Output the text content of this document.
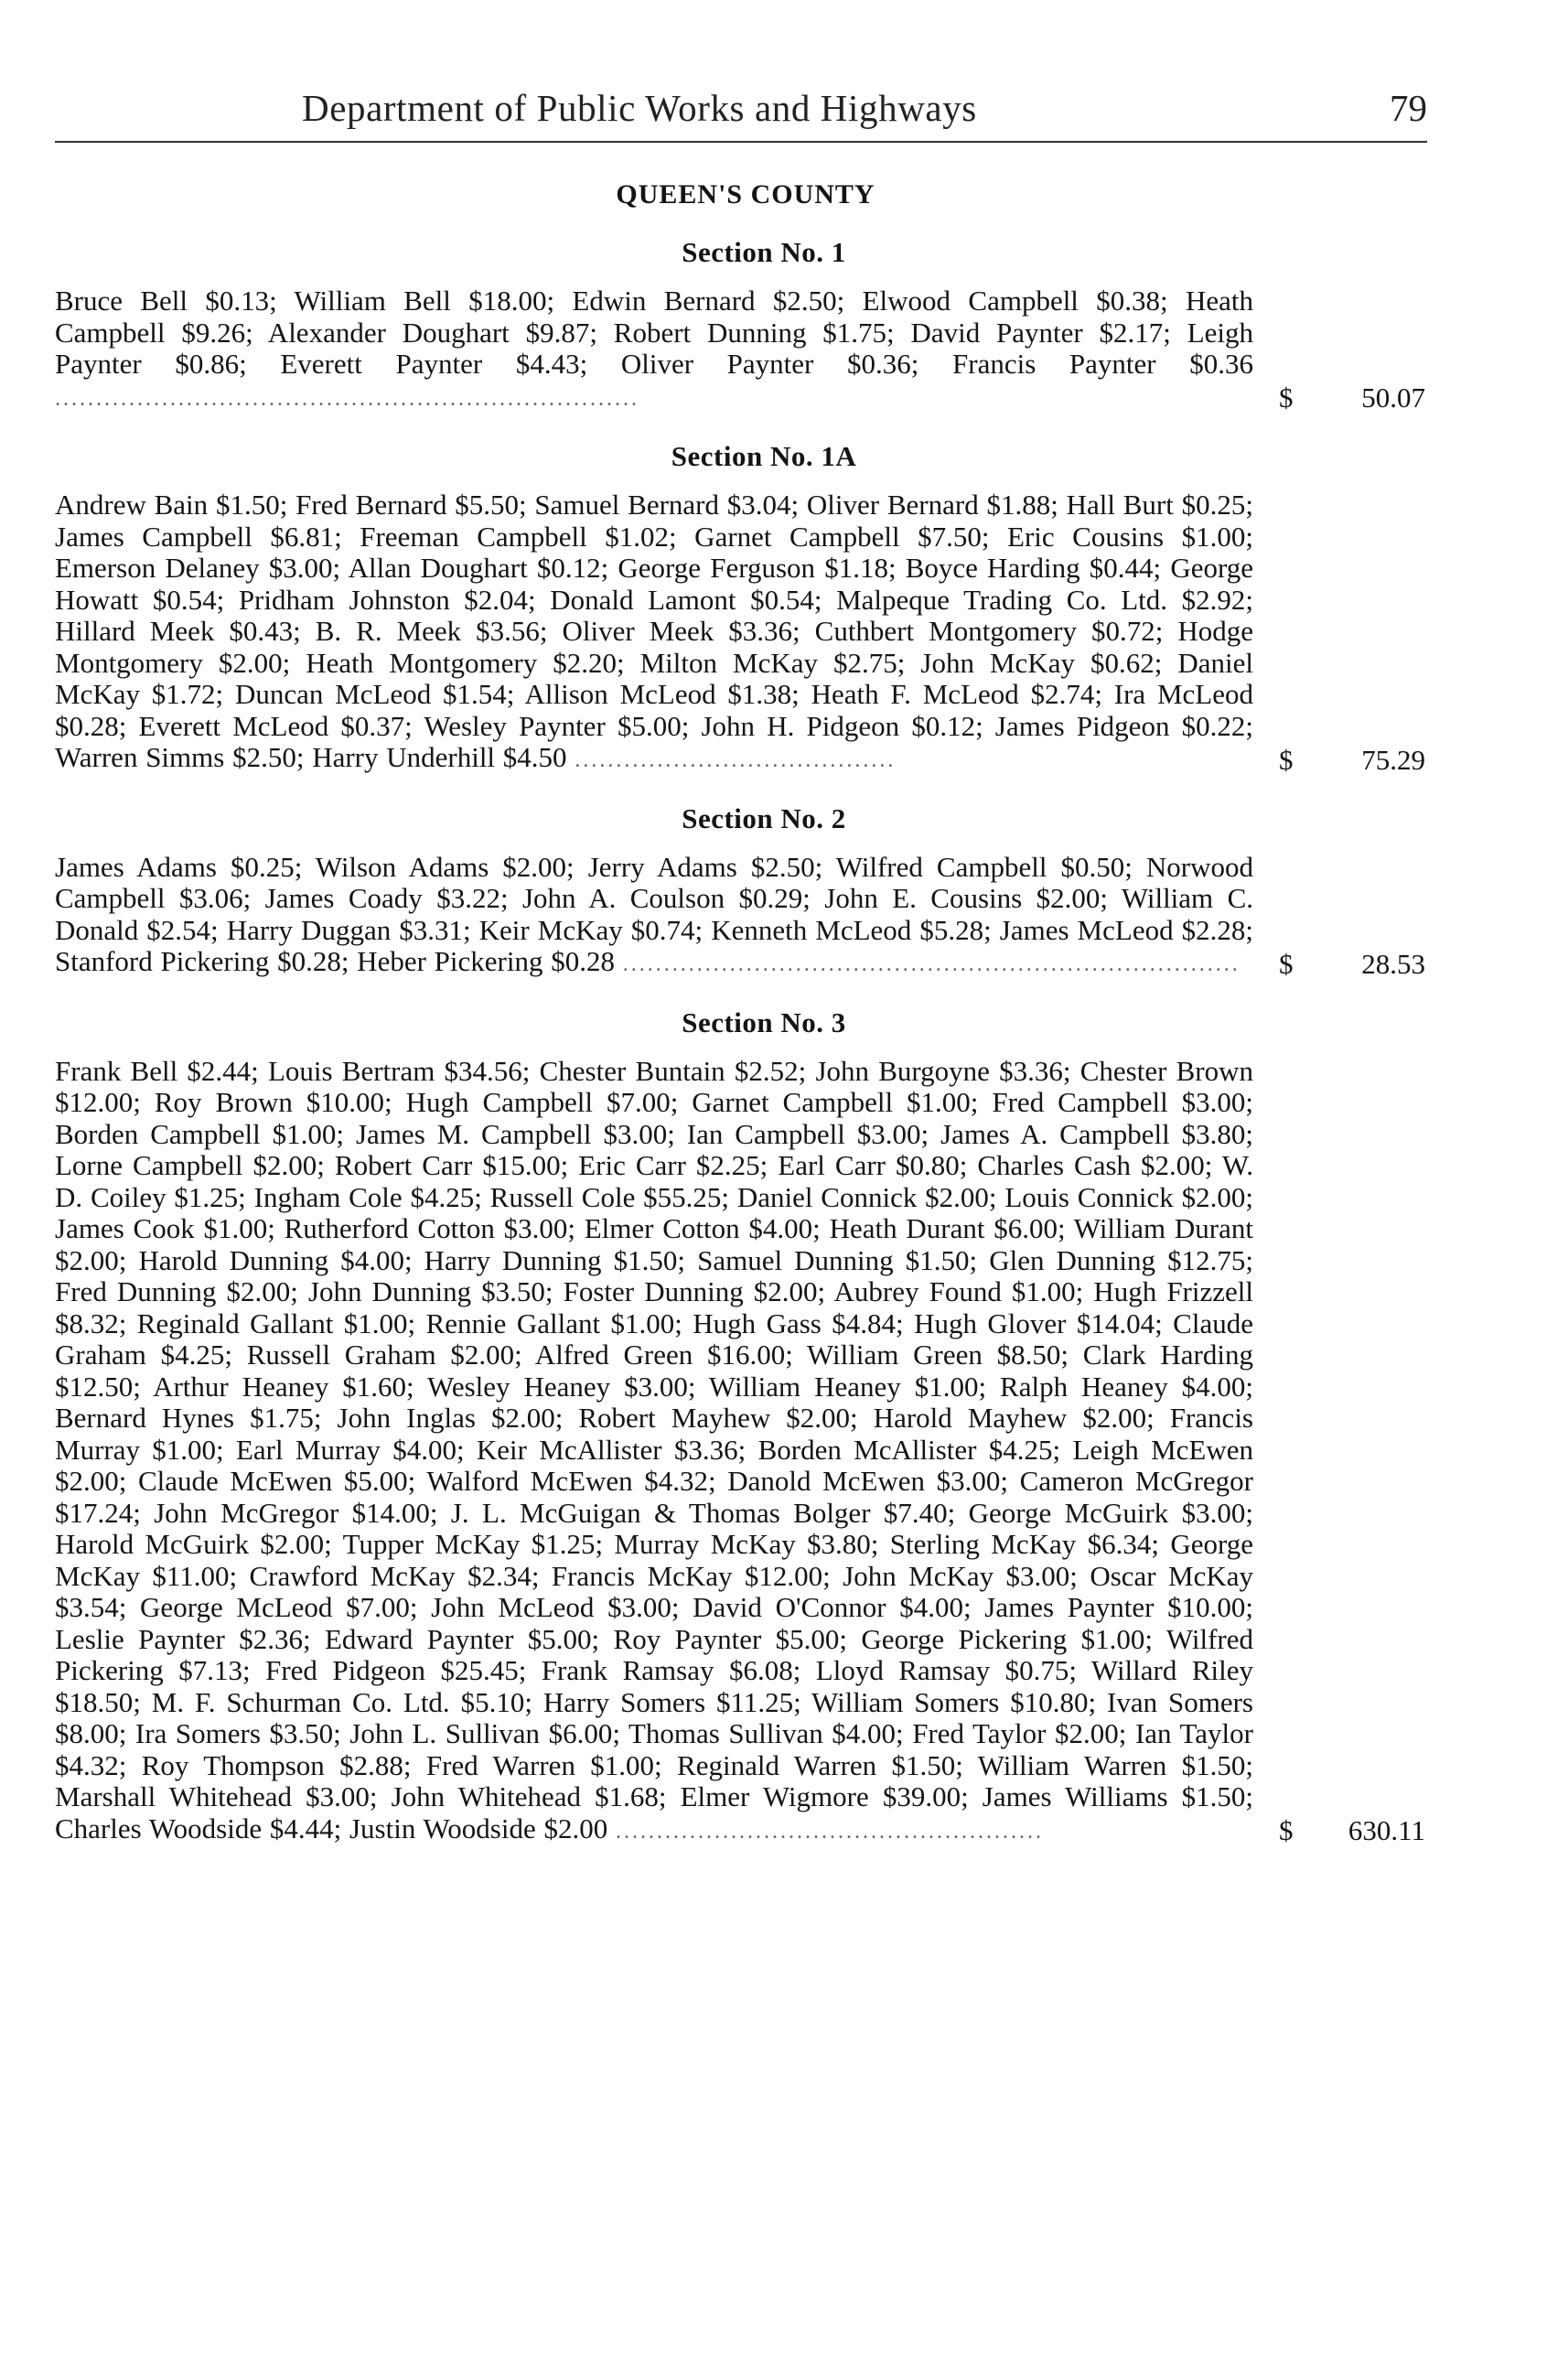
Department of Public Works and Highways	79
QUEEN'S COUNTY
Section No. 1
Bruce Bell $0.13; William Bell $18.00; Edwin Bernard $2.50; Elwood Campbell $0.38; Heath Campbell $9.26; Alexander Doughart $9.87; Robert Dunning $1.75; David Paynter $2.17; Leigh Paynter $0.86; Everett Paynter $4.43; Oliver Paynter $0.36; Francis Paynter $0.36 .......................................................................	$	50.07
Section No. 1A
Andrew Bain $1.50; Fred Bernard $5.50; Samuel Bernard $3.04; Oliver Bernard $1.88; Hall Burt $0.25; James Campbell $6.81; Freeman Campbell $1.02; Garnet Campbell $7.50; Eric Cousins $1.00; Emerson Delaney $3.00; Allan Doughart $0.12; George Ferguson $1.18; Boyce Harding $0.44; George Howatt $0.54; Pridham Johnston $2.04; Donald Lamont $0.54; Malpeque Trading Co. Ltd. $2.92; Hillard Meek $0.43; B. R. Meek $3.56; Oliver Meek $3.36; Cuthbert Montgomery $0.72; Hodge Montgomery $2.00; Heath Montgomery $2.20; Milton McKay $2.75; John McKay $0.62; Daniel McKay $1.72; Duncan McLeod $1.54; Allison McLeod $1.38; Heath F. McLeod $2.74; Ira McLeod $0.28; Everett McLeod $0.37; Wesley Paynter $5.00; John H. Pidgeon $0.12; James Pidgeon $0.22; Warren Simms $2.50; Harry Underhill $4.50 .......................................	$	75.29
Section No. 2
James Adams $0.25; Wilson Adams $2.00; Jerry Adams $2.50; Wilfred Campbell $0.50; Norwood Campbell $3.06; James Coady $3.22; John A. Coulson $0.29; John E. Cousins $2.00; William C. Donald $2.54; Harry Duggan $3.31; Keir McKay $0.74; Kenneth McLeod $5.28; James McLeod $2.28; Stanford Pickering $0.28; Heber Pickering $0.28 ...........................................................................	$	28.53
Section No. 3
Frank Bell $2.44; Louis Bertram $34.56; Chester Buntain $2.52; John Burgoyne $3.36; Chester Brown $12.00; Roy Brown $10.00; Hugh Campbell $7.00; Garnet Campbell $1.00; Fred Campbell $3.00; Borden Campbell $1.00; James M. Campbell $3.00; Ian Campbell $3.00; James A. Campbell $3.80; Lorne Campbell $2.00; Robert Carr $15.00; Eric Carr $2.25; Earl Carr $0.80; Charles Cash $2.00; W. D. Coiley $1.25; Ingham Cole $4.25; Russell Cole $55.25; Daniel Connick $2.00; Louis Connick $2.00; James Cook $1.00; Rutherford Cotton $3.00; Elmer Cotton $4.00; Heath Durant $6.00; William Durant $2.00; Harold Dunning $4.00; Harry Dunning $1.50; Samuel Dunning $1.50; Glen Dunning $12.75; Fred Dunning $2.00; John Dunning $3.50; Foster Dunning $2.00; Aubrey Found $1.00; Hugh Frizzell $8.32; Reginald Gallant $1.00; Rennie Gallant $1.00; Hugh Gass $4.84; Hugh Glover $14.04; Claude Graham $4.25; Russell Graham $2.00; Alfred Green $16.00; William Green $8.50; Clark Harding $12.50; Arthur Heaney $1.60; Wesley Heaney $3.00; William Heaney $1.00; Ralph Heaney $4.00; Bernard Hynes $1.75; John Inglas $2.00; Robert Mayhew $2.00; Harold Mayhew $2.00; Francis Murray $1.00; Earl Murray $4.00; Keir McAllister $3.36; Borden McAllister $4.25; Leigh McEwen $2.00; Claude McEwen $5.00; Walford McEwen $4.32; Danold McEwen $3.00; Cameron McGregor $17.24; John McGregor $14.00; J. L. McGuigan & Thomas Bolger $7.40; George McGuirk $3.00; Harold McGuirk $2.00; Tupper McKay $1.25; Murray McKay $3.80; Sterling McKay $6.34; George McKay $11.00; Crawford McKay $2.34; Francis McKay $12.00; John McKay $3.00; Oscar McKay $3.54; George McLeod $7.00; John McLeod $3.00; David O'Connor $4.00; James Paynter $10.00; Leslie Paynter $2.36; Edward Paynter $5.00; Roy Paynter $5.00; George Pickering $1.00; Wilfred Pickering $7.13; Fred Pidgeon $25.45; Frank Ramsay $6.08; Lloyd Ramsay $0.75; Willard Riley $18.50; M. F. Schurman Co. Ltd. $5.10; Harry Somers $11.25; William Somers $10.80; Ivan Somers $8.00; Ira Somers $3.50; John L. Sullivan $6.00; Thomas Sullivan $4.00; Fred Taylor $2.00; Ian Taylor $4.32; Roy Thompson $2.88; Fred Warren $1.00; Reginald Warren $1.50; William Warren $1.50; Marshall Whitehead $3.00; John Whitehead $1.68; Elmer Wigmore $39.00; James Williams $1.50; Charles Woodside $4.44; Justin Woodside $2.00 ....................................................	$	630.11
